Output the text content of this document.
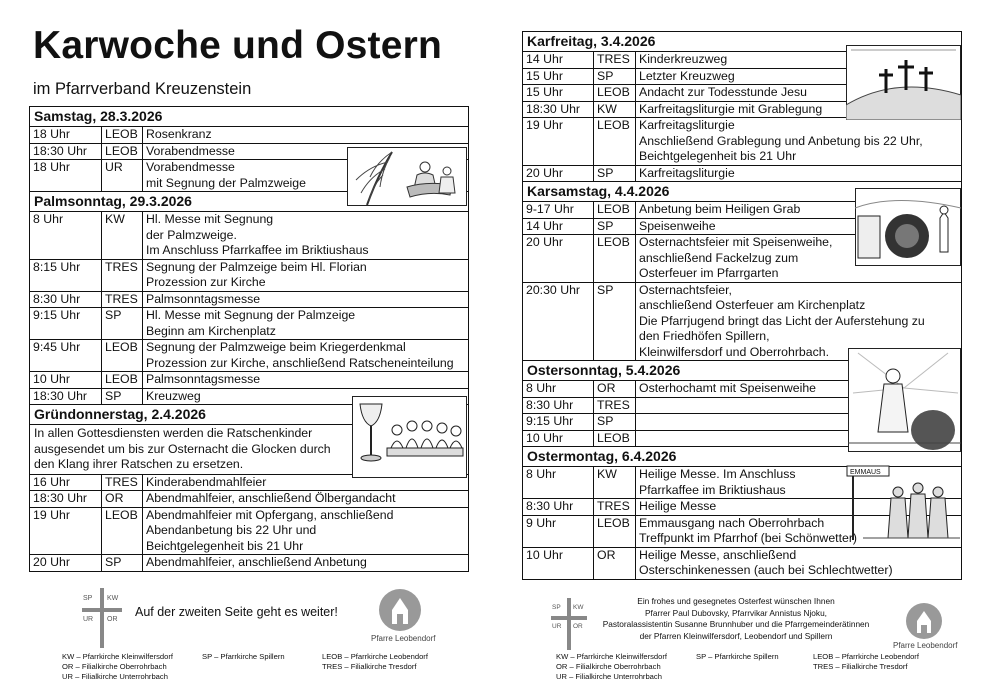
Karwoche und Ostern
im Pfarrverband Kreuzenstein
Samstag, 28.3.2026
18 Uhr	LEOB Rosenkranz
18:30 Uhr	LEOB Vorabendmesse
18 Uhr	UR	Vorabendmesse
mit Segnung der Palmzweige
Palmsonntag, 29.3.2026
8 Uhr	KW	Hl. Messe mit Segnung
der Palmzweige.
Im Anschluss Pfarrkaffee im Briktiushaus
8:15 Uhr	TRES Segnung der Palmzeige beim Hl. Florian
Prozession zur Kirche
8:30 Uhr	TRES Palmsonntagsmesse
9:15 Uhr	SP	Hl. Messe mit Segnung der Palmzeige
Beginn am Kirchenplatz
9:45 Uhr	LEOB Segnung der Palmzweige beim Kriegerdenkmal
Prozession zur Kirche, anschließend Ratscheneinteilung
10 Uhr	LEOB Palmsonntagsmesse
18:30 Uhr	SP	Kreuzweg
Gründonnerstag, 2.4.2026
In allen Gottesdiensten werden die Ratschenkinder
ausgesendet um bis zur Osternacht die Glocken durch
den Klang ihrer Ratschen zu ersetzen.
16 Uhr	TRES Kinderabendmahlfeier
18:30 Uhr	OR	Abendmahlfeier, anschließend Ölbergandacht
19 Uhr	LEOB Abendmahlfeier mit Opfergang, anschließend
Abendanbetung bis 22 Uhr und
Beichtgelegenheit bis 21 Uhr
20 Uhr	SP	Abendmahlfeier, anschließend Anbetung
SP KW
UR OR
Auf der zweiten Seite geht es weiter!
Pfarre Leobendorf
KW – Pfarrkirche Kleinwilfersdorf
OR – Filialkirche Oberrohrbach
UR – Filialkirche Unterrohrbach
SP – Pfarrkirche Spillern	LEOB – Pfarrkirche Leobendorf
TRES – Filialkirche Tresdorf
Karfreitag, 3.4.2026
14 Uhr	TRES Kinderkreuzweg
15 Uhr	SP	Letzter Kreuzweg
15 Uhr	LEOB Andacht zur Todesstunde Jesu
18:30 Uhr	KW	Karfreitagsliturgie mit Grablegung
19 Uhr	LEOB Karfreitagsliturgie
Anschließend Grablegung und Anbetung bis 22 Uhr,
Beichtgelegenheit bis 21 Uhr
20 Uhr	SP	Karfreitagsliturgie
Karsamstag, 4.4.2026
9-17 Uhr	LEOB Anbetung beim Heiligen Grab
14 Uhr	SP	Speisenweihe
20 Uhr	LEOB Osternachtsfeier mit Speisenweihe,
anschließend Fackelzug zum
Osterfeuer im Pfarrgarten
20:30 Uhr	SP	Osternachtsfeier,
anschließend Osterfeuer am Kirchenplatz
Die Pfarrjugend bringt das Licht der Auferstehung zu
den Friedhöfen Spillern,
Kleinwilfersdorf und Oberrohrbach.
Ostersonntag, 5.4.2026
8 Uhr	OR	Osterhochamt mit Speisenweihe
8:30 Uhr	TRES
9:15 Uhr	SP
10 Uhr	LEOB
Ostermontag, 6.4.2026
8 Uhr	KW	Heilige Messe. Im Anschluss
Pfarrkaffee im Briktiushaus
8:30 Uhr	TRES Heilige Messe
9 Uhr	LEOB Emmausgang nach Oberrohrbach
Treffpunkt im Pfarrhof (bei Schönwetter)
10 Uhr	OR	Heilige Messe, anschließend
Osterschinkenessen (auch bei Schlechtwetter)
EMMAUS
Ein frohes und gesegnetes Osterfest wünschen Ihnen
Pfarrer Paul Dubovsky, Pfarrvikar Annistus Njoku,
Pastoralassistentin Susanne Brunnhuber und die Pfarrgemeinderätinnen
der Pfarren Kleinwilfersdorf, Leobendorf und Spillern
SP KW
UR OR
Pfarre Leobendorf
KW – Pfarrkirche Kleinwilfersdorf
OR – Filialkirche Oberrohrbach
UR – Filialkirche Unterrohrbach
SP – Pfarrkirche Spillern	LEOB – Pfarrkirche Leobendorf
TRES – Filialkirche Tresdorf
